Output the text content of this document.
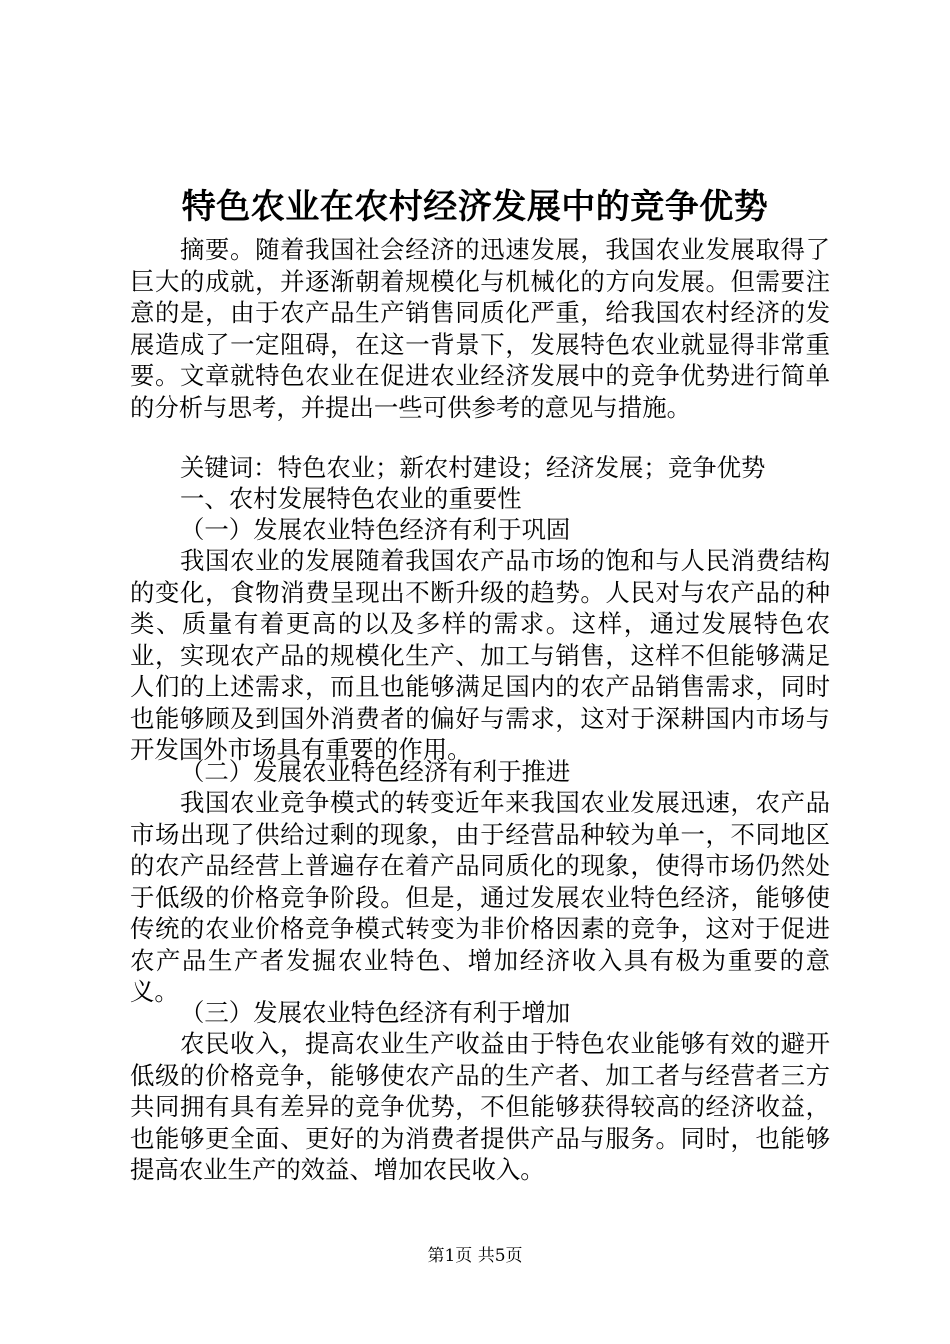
特色农业在农村经济发展中的竞争优势

摘要。随着我国社会经济的迅速发展，我国农业发展取得了巨大的成就，并逐渐朝着规模化与机械化的方向发展。但需要注意的是，由于农产品生产销售同质化严重，给我国农村经济的发展造成了一定阻碍，在这一背景下，发展特色农业就显得非常重要。文章就特色农业在促进农业经济发展中的竞争优势进行简单的分析与思考，并提出一些可供参考的意见与措施。

关键词：特色农业；新农村建设；经济发展；竞争优势

一、农村发展特色农业的重要性

（一）发展农业特色经济有利于巩固

我国农业的发展随着我国农产品市场的饱和与人民消费结构的变化，食物消费呈现出不断升级的趋势。人民对与农产品的种类、质量有着更高的以及多样的需求。这样，通过发展特色农业，实现农产品的规模化生产、加工与销售，这样不但能够满足人们的上述需求，而且也能够满足国内的农产品销售需求，同时也能够顾及到国外消费者的偏好与需求，这对于深耕国内市场与开发国外市场具有重要的作用。

（二）发展农业特色经济有利于推进

我国农业竞争模式的转变近年来我国农业发展迅速，农产品市场出现了供给过剩的现象，由于经营品种较为单一，不同地区的农产品经营上普遍存在着产品同质化的现象，使得市场仍然处于低级的价格竞争阶段。但是，通过发展农业特色经济，能够使传统的农业价格竞争模式转变为非价格因素的竞争，这对于促进农产品生产者发掘农业特色、增加经济收入具有极为重要的意义。

（三）发展农业特色经济有利于增加

农民收入，提高农业生产收益由于特色农业能够有效的避开低级的价格竞争，能够使农产品的生产者、加工者与经营者三方共同拥有具有差异的竞争优势，不但能够获得较高的经济收益，也能够更全面、更好的为消费者提供产品与服务。同时，也能够提高农业生产的效益、增加农民收入。

第1页 共5页
